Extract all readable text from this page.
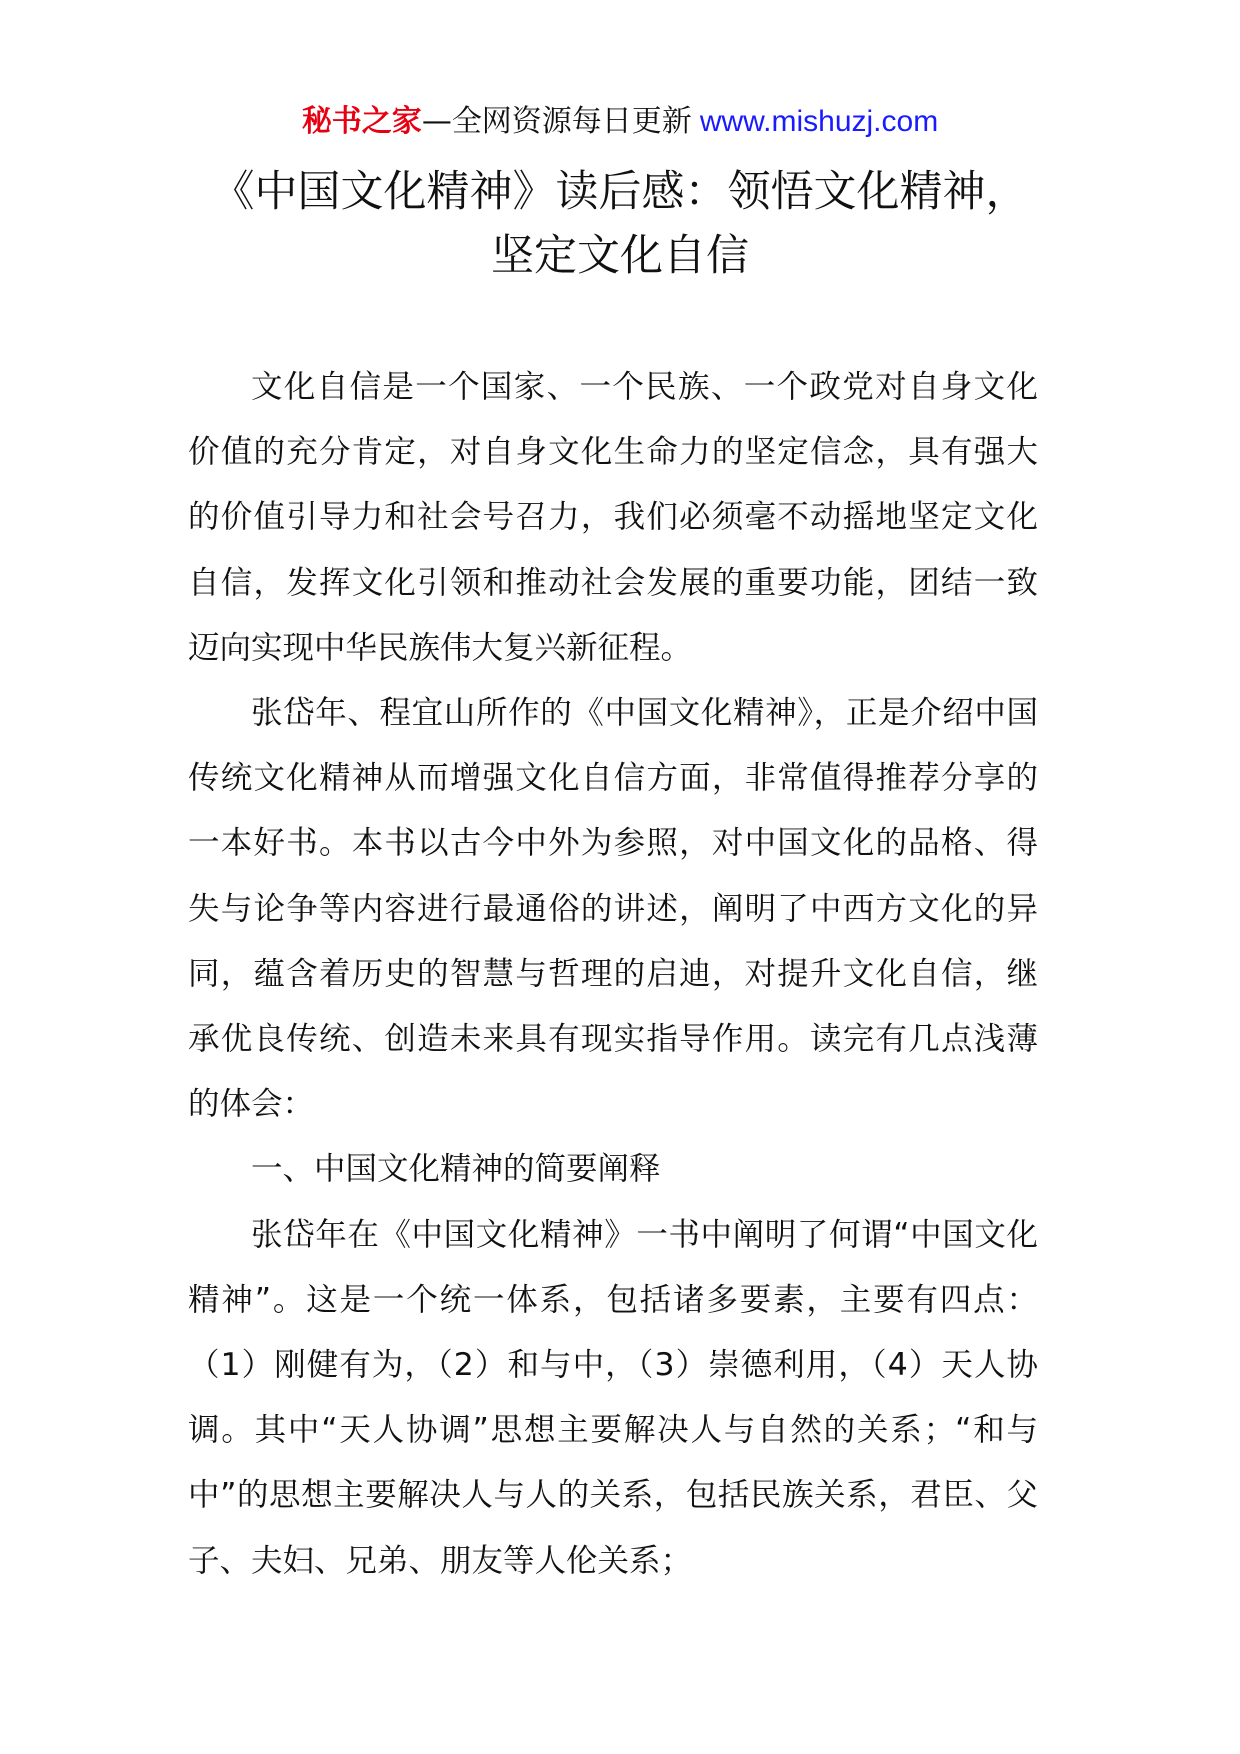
秘书之家—全网资源每日更新 www.mishuzj.com
《中国文化精神》读后感：领悟文化精神，
坚定文化自信

文化自信是一个国家、一个民族、一个政党对自身文化价值的充分肯定，对自身文化生命力的坚定信念，具有强大的价值引导力和社会号召力，我们必须毫不动摇地坚定文化自信，发挥文化引领和推动社会发展的重要功能，团结一致迈向实现中华民族伟大复兴新征程。

张岱年、程宜山所作的《中国文化精神》，正是介绍中国传统文化精神从而增强文化自信方面，非常值得推荐分享的一本好书。本书以古今中外为参照，对中国文化的品格、得失与论争等内容进行最通俗的讲述，阐明了中西方文化的异同，蕴含着历史的智慧与哲理的启迪，对提升文化自信，继承优良传统、创造未来具有现实指导作用。读完有几点浅薄的体会：

一、中国文化精神的简要阐释

张岱年在《中国文化精神》一书中阐明了何谓“中国文化精神”。这是一个统一体系，包括诸多要素，主要有四点：（1）刚健有为，（2）和与中，（3）崇德利用，（4）天人协调。其中“天人协调”思想主要解决人与自然的关系；“和与中”的思想主要解决人与人的关系，包括民族关系，君臣、父子、夫妇、兄弟、朋友等人伦关系；
